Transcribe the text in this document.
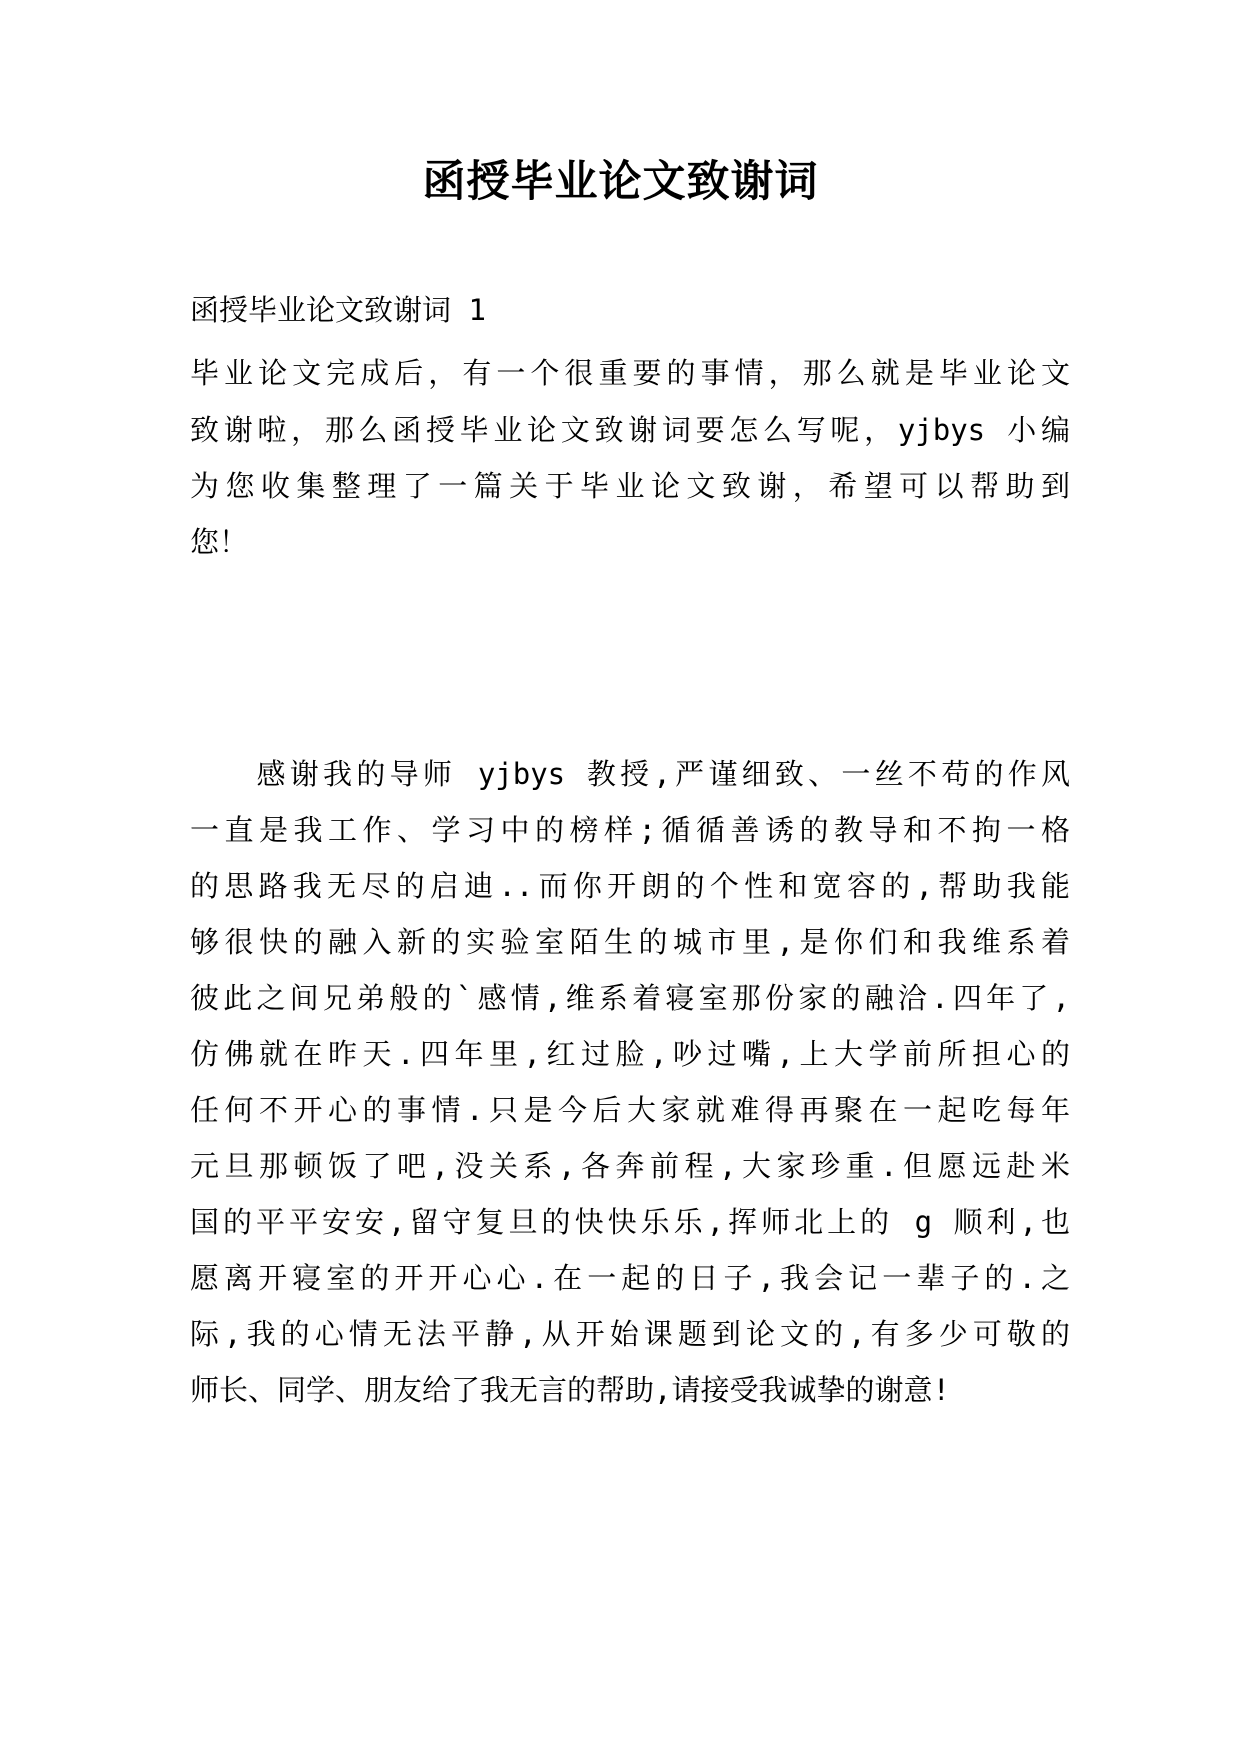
函授毕业论文致谢词
函授毕业论文致谢词 1
毕业论文完成后，有一个很重要的事情，那么就是毕业论文
致谢啦，那么函授毕业论文致谢词要怎么写呢，yjbys 小编
为您收集整理了一篇关于毕业论文致谢，希望可以帮助到
您！
　　感谢我的导师 yjbys 教授,严谨细致、一丝不苟的作风
一直是我工作、学习中的榜样;循循善诱的教导和不拘一格
的思路我无尽的启迪..而你开朗的个性和宽容的,帮助我能
够很快的融入新的实验室陌生的城市里,是你们和我维系着
彼此之间兄弟般的`感情,维系着寝室那份家的融洽.四年了,
仿佛就在昨天.四年里,红过脸,吵过嘴,上大学前所担心的
任何不开心的事情.只是今后大家就难得再聚在一起吃每年
元旦那顿饭了吧,没关系,各奔前程,大家珍重.但愿远赴米
国的平平安安,留守复旦的快快乐乐,挥师北上的 g 顺利,也
愿离开寝室的开开心心.在一起的日子,我会记一辈子的.之
际,我的心情无法平静,从开始课题到论文的,有多少可敬的
师长、同学、朋友给了我无言的帮助,请接受我诚挚的谢意!
